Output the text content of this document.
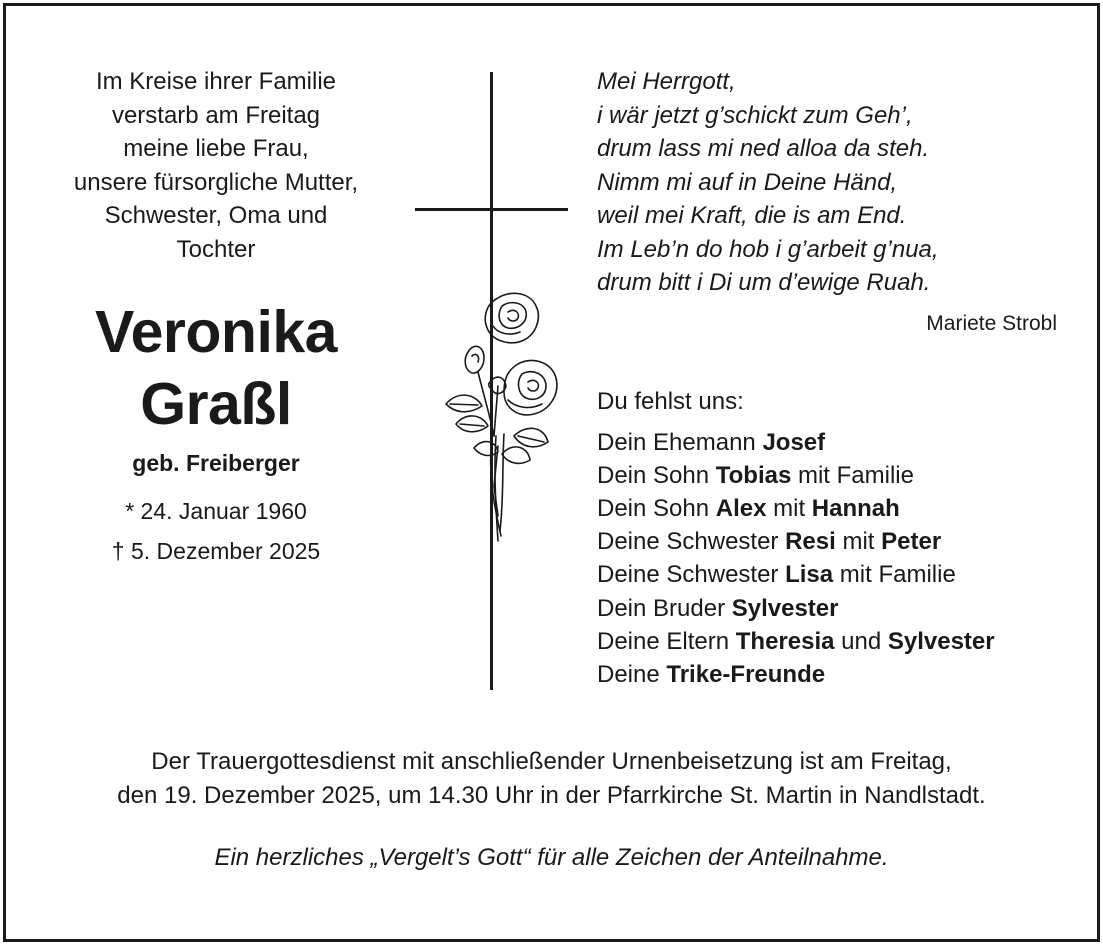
Im Kreise ihrer Familie
verstarb am Freitag
meine liebe Frau,
unsere fürsorgliche Mutter,
Schwester, Oma und
Tochter
Veronika
Graßl
geb. Freiberger
* 24. Januar 1960
† 5. Dezember 2025
Mei Herrgott,
i wär jetzt g’schickt zum Geh’,
drum lass mi ned alloa da steh.
Nimm mi auf in Deine Händ,
weil mei Kraft, die is am End.
Im Leb’n do hob i g’arbeit g’nua,
drum bitt i Di um d’ewige Ruah.
Mariete Strobl
Du fehlst uns:
Dein Ehemann Josef
Dein Sohn Tobias mit Familie
Dein Sohn Alex mit Hannah
Deine Schwester Resi mit Peter
Deine Schwester Lisa mit Familie
Dein Bruder Sylvester
Deine Eltern Theresia und Sylvester
Deine Trike-Freunde
Der Trauergottesdienst mit anschließender Urnenbeisetzung ist am Freitag,
den 19. Dezember 2025, um 14.30 Uhr in der Pfarrkirche St. Martin in Nandlstadt.
Ein herzliches „Vergelt’s Gott“ für alle Zeichen der Anteilnahme.
